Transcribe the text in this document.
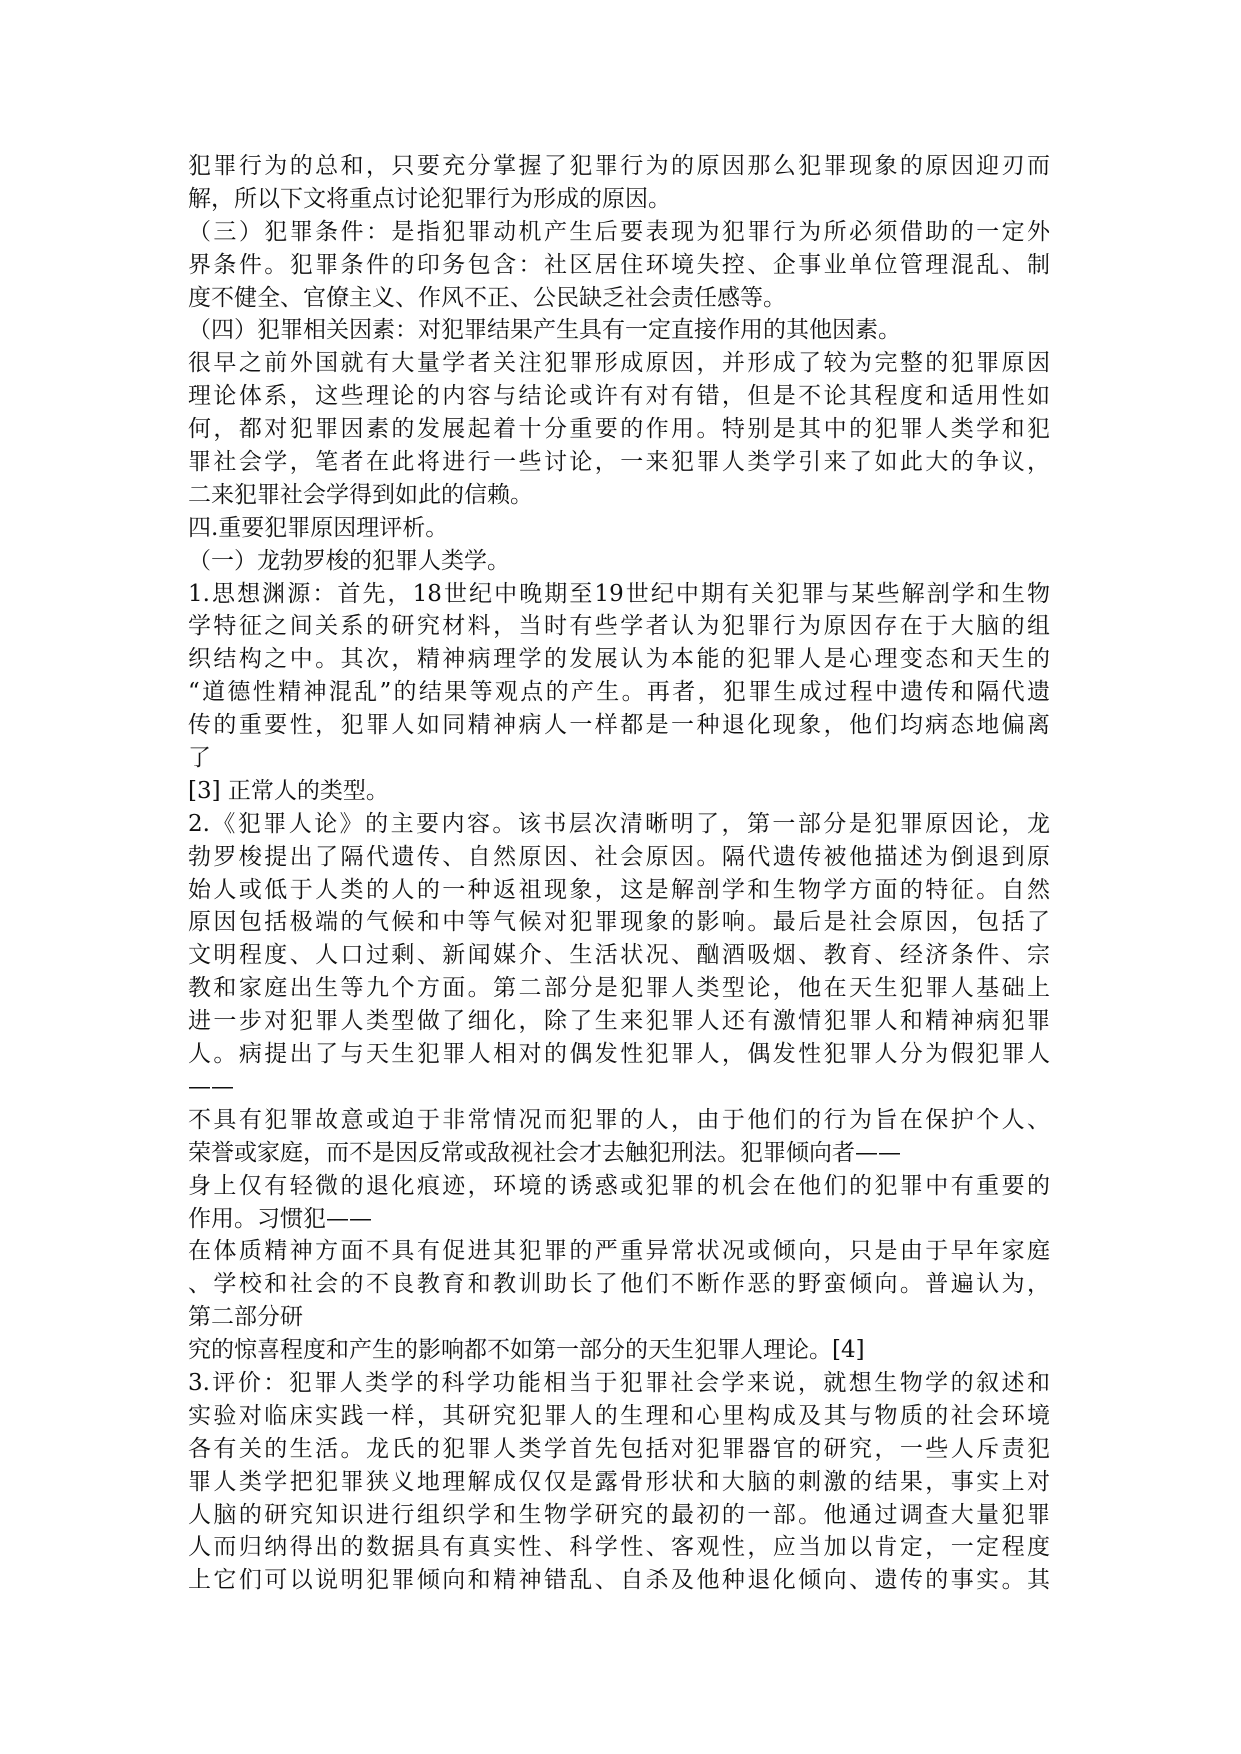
犯罪行为的总和，只要充分掌握了犯罪行为的原因那么犯罪现象的原因迎刃而
解，所以下文将重点讨论犯罪行为形成的原因。
（三）犯罪条件：是指犯罪动机产生后要表现为犯罪行为所必须借助的一定外
界条件。犯罪条件的印务包含：社区居住环境失控、企事业单位管理混乱、制
度不健全、官僚主义、作风不正、公民缺乏社会责任感等。
（四）犯罪相关因素：对犯罪结果产生具有一定直接作用的其他因素。
很早之前外国就有大量学者关注犯罪形成原因，并形成了较为完整的犯罪原因
理论体系，这些理论的内容与结论或许有对有错，但是不论其程度和适用性如
何，都对犯罪因素的发展起着十分重要的作用。特别是其中的犯罪人类学和犯
罪社会学，笔者在此将进行一些讨论，一来犯罪人类学引来了如此大的争议，
二来犯罪社会学得到如此的信赖。
四.重要犯罪原因理评析。
（一）龙勃罗梭的犯罪人类学。
1.思想渊源：首先，18世纪中晚期至19世纪中期有关犯罪与某些解剖学和生物
学特征之间关系的研究材料，当时有些学者认为犯罪行为原因存在于大脑的组
织结构之中。其次，精神病理学的发展认为本能的犯罪人是心理变态和天生的
“道德性精神混乱”的结果等观点的产生。再者，犯罪生成过程中遗传和隔代遗
传的重要性，犯罪人如同精神病人一样都是一种退化现象，他们均病态地偏离
了
[3] 正常人的类型。
2.《犯罪人论》的主要内容。该书层次清晰明了，第一部分是犯罪原因论，龙
勃罗梭提出了隔代遗传、自然原因、社会原因。隔代遗传被他描述为倒退到原
始人或低于人类的人的一种返祖现象，这是解剖学和生物学方面的特征。自然
原因包括极端的气候和中等气候对犯罪现象的影响。最后是社会原因，包括了
文明程度、人口过剩、新闻媒介、生活状况、酗酒吸烟、教育、经济条件、宗
教和家庭出生等九个方面。第二部分是犯罪人类型论，他在天生犯罪人基础上
进一步对犯罪人类型做了细化，除了生来犯罪人还有激情犯罪人和精神病犯罪
人。病提出了与天生犯罪人相对的偶发性犯罪人，偶发性犯罪人分为假犯罪人
——
不具有犯罪故意或迫于非常情况而犯罪的人，由于他们的行为旨在保护个人、
荣誉或家庭，而不是因反常或敌视社会才去触犯刑法。犯罪倾向者——
身上仅有轻微的退化痕迹，环境的诱惑或犯罪的机会在他们的犯罪中有重要的
作用。习惯犯——
在体质精神方面不具有促进其犯罪的严重异常状况或倾向，只是由于早年家庭
、学校和社会的不良教育和教训助长了他们不断作恶的野蛮倾向。普遍认为，
第二部分研
究的惊喜程度和产生的影响都不如第一部分的天生犯罪人理论。[4]
3.评价：犯罪人类学的科学功能相当于犯罪社会学来说，就想生物学的叙述和
实验对临床实践一样，其研究犯罪人的生理和心里构成及其与物质的社会环境
各有关的生活。龙氏的犯罪人类学首先包括对犯罪器官的研究，一些人斥责犯
罪人类学把犯罪狭义地理解成仅仅是露骨形状和大脑的刺激的结果，事实上对
人脑的研究知识进行组织学和生物学研究的最初的一部。他通过调查大量犯罪
人而归纳得出的数据具有真实性、科学性、客观性，应当加以肯定，一定程度
上它们可以说明犯罪倾向和精神错乱、自杀及他种退化倾向、遗传的事实。其
